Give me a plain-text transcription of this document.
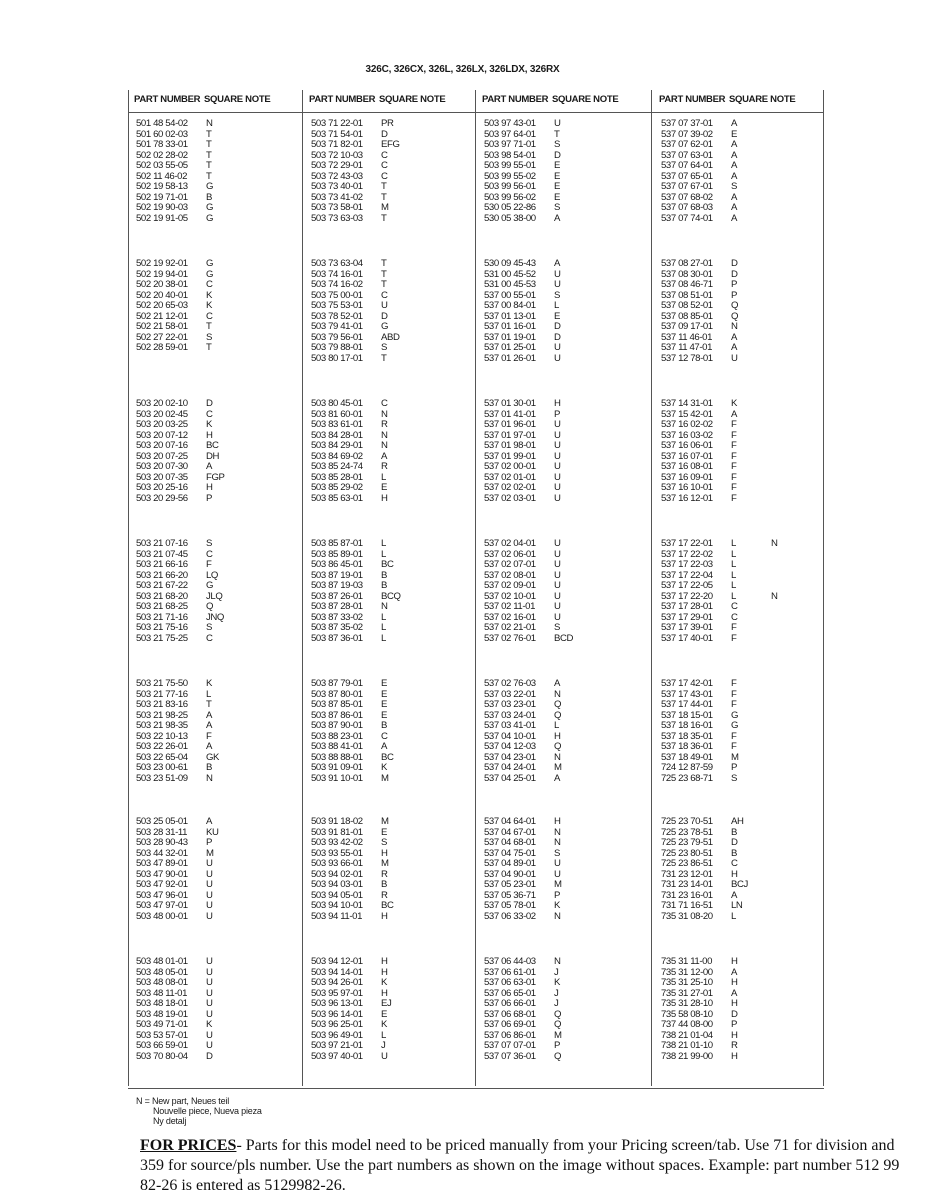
326C, 326CX, 326L, 326LX, 326LDX, 326RX
PART NUMBER SQUARE NOTE
501 48 54-02 N
501 60 02-03 T
501 78 33-01 T
502 02 28-02 T
502 03 55-05 T
502 11 46-02 T
502 19 58-13 G
502 19 71-01 B
502 19 90-03 G
502 19 91-05 G
502 19 92-01 G
502 19 94-01 G
502 20 38-01 C
502 20 40-01 K
502 20 65-03 K
502 21 12-01 C
502 21 58-01 T
502 27 22-01 S
502 28 59-01 T
503 20 02-10 D
503 20 02-45 C
503 20 03-25 K
503 20 07-12 H
503 20 07-16 BC
503 20 07-25 DH
503 20 07-30 A
503 20 07-35 FGP
503 20 25-16 H
503 20 29-56 P
503 21 07-16 S
503 21 07-45 C
503 21 66-16 F
503 21 66-20 LQ
503 21 67-22 G
503 21 68-20 JLQ
503 21 68-25 Q
503 21 71-16 JNQ
503 21 75-16 S
503 21 75-25 C
503 21 75-50 K
503 21 77-16 L
503 21 83-16 T
503 21 98-25 A
503 21 98-35 A
503 22 10-13 F
503 22 26-01 A
503 22 65-04 GK
503 23 00-61 B
503 23 51-09 N
503 25 05-01 A
503 28 31-11 KU
503 28 90-43 P
503 44 32-01 M
503 47 89-01 U
503 47 90-01 U
503 47 92-01 U
503 47 96-01 U
503 47 97-01 U
503 48 00-01 U
503 48 01-01 U
503 48 05-01 U
503 48 08-01 U
503 48 11-01 U
503 48 18-01 U
503 48 19-01 U
503 49 71-01 K
503 53 57-01 U
503 66 59-01 U
503 70 80-04 D
PART NUMBER SQUARE NOTE
503 71 22-01 PR
503 71 54-01 D
503 71 82-01 EFG
503 72 10-03 C
503 72 29-01 C
503 72 43-03 C
503 73 40-01 T
503 73 41-02 T
503 73 58-01 M
503 73 63-03 T
503 73 63-04 T
503 74 16-01 T
503 74 16-02 T
503 75 00-01 C
503 75 53-01 U
503 78 52-01 D
503 79 41-01 G
503 79 56-01 ABD
503 79 88-01 S
503 80 17-01 T
503 80 45-01 C
503 81 60-01 N
503 83 61-01 R
503 84 28-01 N
503 84 29-01 N
503 84 69-02 A
503 85 24-74 R
503 85 28-01 L
503 85 29-02 E
503 85 63-01 H
503 85 87-01 L
503 85 89-01 L
503 86 45-01 BC
503 87 19-01 B
503 87 19-03 B
503 87 26-01 BCQ
503 87 28-01 N
503 87 33-02 L
503 87 35-02 L
503 87 36-01 L
503 87 79-01 E
503 87 80-01 E
503 87 85-01 E
503 87 86-01 E
503 87 90-01 B
503 88 23-01 C
503 88 41-01 A
503 88 88-01 BC
503 91 09-01 K
503 91 10-01 M
503 91 18-02 M
503 91 81-01 E
503 93 42-02 S
503 93 55-01 H
503 93 66-01 M
503 94 02-01 R
503 94 03-01 B
503 94 05-01 R
503 94 10-01 BC
503 94 11-01 H
503 94 12-01 H
503 94 14-01 H
503 94 26-01 K
503 95 97-01 H
503 96 13-01 EJ
503 96 14-01 E
503 96 25-01 K
503 96 49-01 L
503 97 21-01 J
503 97 40-01 U
PART NUMBER SQUARE NOTE
503 97 43-01 U
503 97 64-01 T
503 97 71-01 S
503 98 54-01 D
503 99 55-01 E
503 99 55-02 E
503 99 56-01 E
503 99 56-02 E
530 05 22-86 S
530 05 38-00 A
530 09 45-43 A
531 00 45-52 U
531 00 45-53 U
537 00 55-01 S
537 00 84-01 L
537 01 13-01 E
537 01 16-01 D
537 01 19-01 D
537 01 25-01 U
537 01 26-01 U
537 01 30-01 H
537 01 41-01 P
537 01 96-01 U
537 01 97-01 U
537 01 98-01 U
537 01 99-01 U
537 02 00-01 U
537 02 01-01 U
537 02 02-01 U
537 02 03-01 U
537 02 04-01 U
537 02 06-01 U
537 02 07-01 U
537 02 08-01 U
537 02 09-01 U
537 02 10-01 U
537 02 11-01 U
537 02 16-01 U
537 02 21-01 S
537 02 76-01 BCD
537 02 76-03 A
537 03 22-01 N
537 03 23-01 Q
537 03 24-01 Q
537 03 41-01 L
537 04 10-01 H
537 04 12-03 Q
537 04 23-01 N
537 04 24-01 M
537 04 25-01 A
537 04 64-01 H
537 04 67-01 N
537 04 68-01 N
537 04 75-01 S
537 04 89-01 U
537 04 90-01 U
537 05 23-01 M
537 05 36-71 P
537 05 78-01 K
537 06 33-02 N
537 06 44-03 N
537 06 61-01 J
537 06 63-01 K
537 06 65-01 J
537 06 66-01 J
537 06 68-01 Q
537 06 69-01 Q
537 06 86-01 M
537 07 07-01 P
537 07 36-01 Q
PART NUMBER SQUARE NOTE
537 07 37-01 A
537 07 39-02 E
537 07 62-01 A
537 07 63-01 A
537 07 64-01 A
537 07 65-01 A
537 07 67-01 S
537 07 68-02 A
537 07 68-03 A
537 07 74-01 A
537 08 27-01 D
537 08 30-01 D
537 08 46-71 P
537 08 51-01 P
537 08 52-01 Q
537 08 85-01 Q
537 09 17-01 N
537 11 46-01 A
537 11 47-01 A
537 12 78-01 U
537 14 31-01 K
537 15 42-01 A
537 16 02-02 F
537 16 03-02 F
537 16 06-01 F
537 16 07-01 F
537 16 08-01 F
537 16 09-01 F
537 16 10-01 F
537 16 12-01 F
537 17 22-01 L	N
537 17 22-02 L
537 17 22-03 L
537 17 22-04 L
537 17 22-05 L
537 17 22-20 L	N
537 17 28-01 C
537 17 29-01 C
537 17 39-01 F
537 17 40-01 F
537 17 42-01 F
537 17 43-01 F
537 17 44-01 F
537 18 15-01 G
537 18 16-01 G
537 18 35-01 F
537 18 36-01 F
537 18 49-01 M
724 12 87-59 P
725 23 68-71 S
725 23 70-51 AH
725 23 78-51 B
725 23 79-51 D
725 23 80-51 B
725 23 86-51 C
731 23 12-01 H
731 23 14-01 BCJ
731 23 16-01 A
731 71 16-51 LN
735 31 08-20 L
735 31 11-00 H
735 31 12-00 A
735 31 25-10 H
735 31 27-01 A
735 31 28-10 H
735 58 08-10 D
737 44 08-00 P
738 21 01-04 H
738 21 01-10 R
738 21 99-00 H
N = New part, Neues teil
Nouvelle piece, Nueva pieza
Ny detalj
FOR PRICES- Parts for this model need to be priced manually from your Pricing screen/tab. Use 71 for division and 359 for source/pls number. Use the part numbers as shown on the image without spaces. Example: part number 512 99 82-26 is entered as 5129982-26.
